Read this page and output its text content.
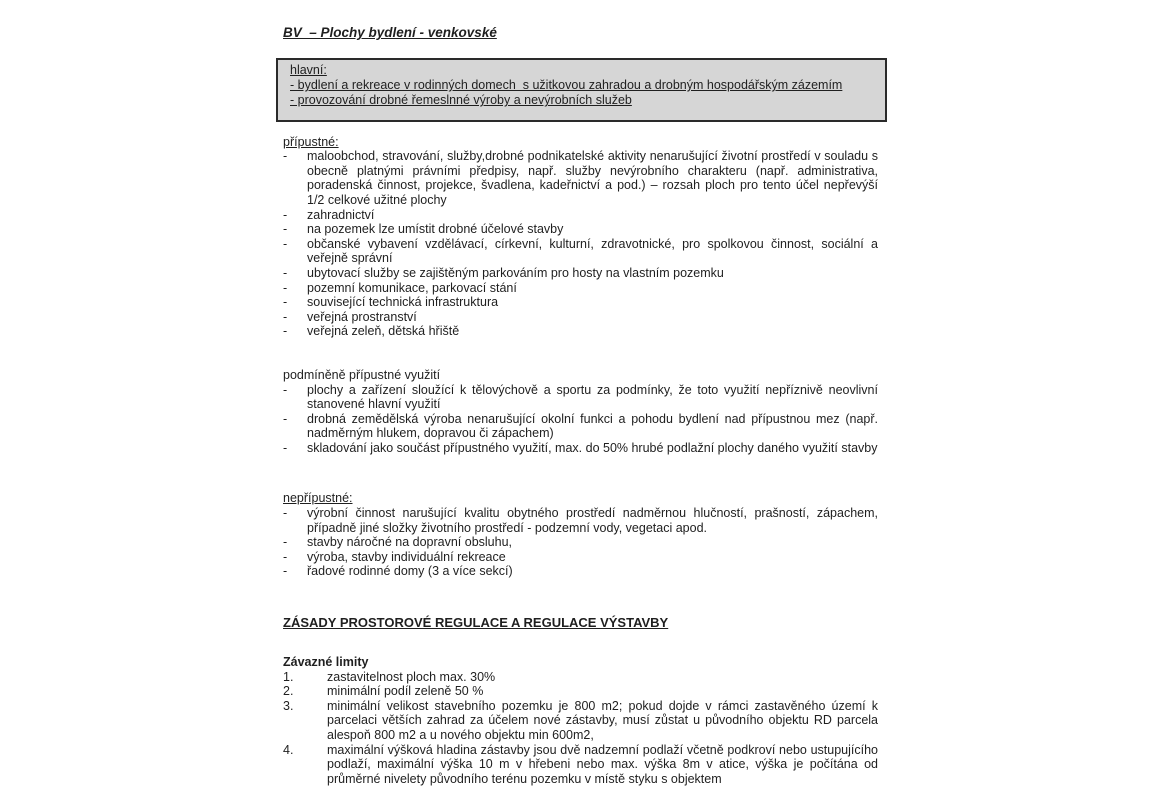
BV  – Plochy bydlení - venkovské
hlavní:
- bydlení a rekreace v rodinných domech  s užitkovou zahradou a drobným hospodářským zázemím
- provozování drobné řemeslnné výroby a nevýrobních služeb
přípustné:
-	maloobchod, stravování, služby,drobné podnikatelské aktivity nenarušující životní prostředí v souladu s obecně platnými právními předpisy, např. služby nevýrobního charakteru (např. administrativa, poradenská činnost, projekce, švadlena, kadeřnictví a pod.) – rozsah ploch pro tento účel nepřevýší 1/2 celkové užitné plochy
-	zahradnictví
-	na pozemek lze umístit drobné účelové stavby
-	občanské vybavení vzdělávací, církevní, kulturní, zdravotnické, pro spolkovou činnost, sociální a veřejně správní
-	ubytovací služby se zajištěným parkováním pro hosty na vlastním pozemku
-	pozemní komunikace, parkovací stání
-	související technická infrastruktura
-	veřejná prostranství
-	veřejná zeleň, dětská hřiště
podmíněně přípustné využití
-	plochy a zařízení sloužící k tělovýchově a sportu za podmínky, že toto využití nepříznivě neovlivní stanovené hlavní využití
-	drobná zemědělská výroba nenarušující okolní funkci a pohodu bydlení nad přípustnou mez (např. nadměrným hlukem, dopravou či zápachem)
-	skladování jako součást přípustného využití, max. do 50% hrubé podlažní plochy daného využití stavby
nepřípustné:
-	výrobní činnost narušující kvalitu obytného prostředí nadměrnou hlučností, prašností, zápachem, případně jiné složky životního prostředí - podzemní vody, vegetaci apod.
-	stavby náročné na dopravní obsluhu,
-	výroba, stavby individuální rekreace
-	řadové rodinné domy (3 a více sekcí)
ZÁSADY PROSTOROVÉ REGULACE A REGULACE VÝSTAVBY
Závazné limity
1.	zastavitelnost ploch max. 30%
2.	minimální podíl zeleně 50 %
3.	minimální velikost stavebního pozemku je 800 m2; pokud dojde v rámci zastavěného území k parcelaci větších zahrad za účelem nové zástavby, musí zůstat u původního objektu RD parcela alespoň 800 m2 a u nového objektu min 600m2,
4.	maximální výšková hladina zástavby jsou dvě nadzemní podlaží včetně podkroví nebo ustupujícího podlaží, maximální výška 10 m v hřebeni nebo max. výška 8m v atice, výška je počítána od průměrné nivelety původního terénu pozemku v místě styku s objektem
